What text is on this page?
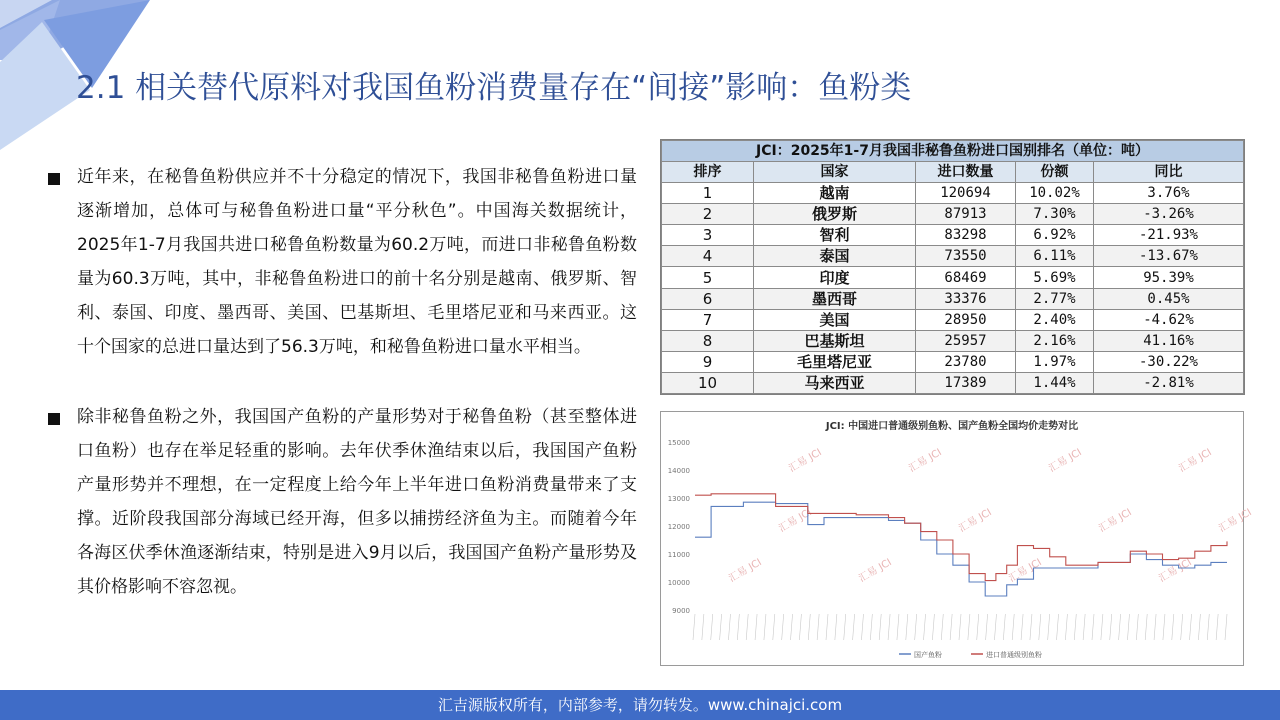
2.1 相关替代原料对我国鱼粉消费量存在“间接”影响：鱼粉类
近年来，在秘鲁鱼粉供应并不十分稳定的情况下，我国非秘鲁鱼粉进口量逐渐增加，总体可与秘鲁鱼粉进口量“平分秋色”。中国海关数据统计，2025年1-7月我国共进口秘鲁鱼粉数量为60.2万吨，而进口非秘鲁鱼粉数量为60.3万吨，其中，非秘鲁鱼粉进口的前十名分别是越南、俄罗斯、智利、泰国、印度、墨西哥、美国、巴基斯坦、毛里塔尼亚和马来西亚。这十个国家的总进口量达到了56.3万吨，和秘鲁鱼粉进口量水平相当。
除非秘鲁鱼粉之外，我国国产鱼粉的产量形势对于秘鲁鱼粉（甚至整体进口鱼粉）也存在举足轻重的影响。去年伏季休渔结束以后，我国国产鱼粉产量形势并不理想，在一定程度上给今年上半年进口鱼粉消费量带来了支撑。近阶段我国部分海域已经开海，但多以捕捞经济鱼为主。而随着今年各海区伏季休渔逐渐结束，特别是进入9月以后，我国国产鱼粉产量形势及其价格影响不容忽视。
JCI：2025年1-7月我国非秘鲁鱼粉进口国别排名（单位：吨）				
排序	国家	进口数量	份额	同比
1	越南	120694	10.02%	3.76%
2	俄罗斯	87913	7.30%	-3.26%
3	智利	83298	6.92%	-21.93%
4	泰国	73550	6.11%	-13.67%
5	印度	68469	5.69%	95.39%
6	墨西哥	33376	2.77%	0.45%
7	美国	28950	2.40%	-4.62%
8	巴基斯坦	25957	2.16%	41.16%
9	毛里塔尼亚	23780	1.97%	-30.22%
10	马来西亚	17389	1.44%	-2.81%
JCI: 中国进口普通级别鱼粉、国产鱼粉全国均价走势对比
汇易 JCI	汇易 JCI	汇易 JCI	汇易 JCI
汇易 JCI	汇易 JCI	汇易 JCI
汇易 JCI	汇易 JCI	汇易 JCI
汇易 JCI
汇易 JCI
9000
10000
11000
12000
13000
14000
15000
国产鱼粉	进口普通级别鱼粉
汇吉源版权所有，内部参考，请勿转发。www.chinajci.com
